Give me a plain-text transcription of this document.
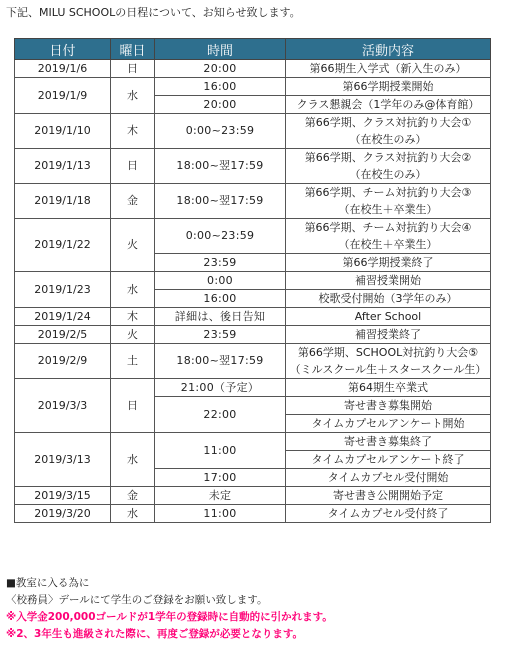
下記、MILU SCHOOLの日程について、お知らせ致します。
日付	曜日	時間	活動内容
2019/1/6	日	20:00	第66期生入学式（新入生のみ）
2019/1/9	水	16:00	第66学期授業開始
		20:00	クラス懇親会（1学年のみ@体育館）
2019/1/10	木	0:00~23:59	第66学期、クラス対抗釣り大会①
			（在校生のみ）
2019/1/13	日	18:00~翌17:59	第66学期、クラス対抗釣り大会②
			（在校生のみ）
2019/1/18	金	18:00~翌17:59	第66学期、チーム対抗釣り大会③
			（在校生＋卒業生）
2019/1/22	火	0:00~23:59	第66学期、チーム対抗釣り大会④
			（在校生＋卒業生）
		23:59	第66学期授業終了
2019/1/23	水	0:00	補習授業開始
		16:00	校歌受付開始（3学年のみ）
2019/1/24	木	詳細は、後日告知	After School
2019/2/5	火	23:59	補習授業終了
2019/2/9	土	18:00~翌17:59	第66学期、SCHOOL対抗釣り大会⑤
			（ミルスクール生＋スタースクール生）
2019/3/3	日	21:00（予定）	第64期生卒業式
		22:00	寄せ書き募集開始
			タイムカプセルアンケート開始
2019/3/13	水	11:00	寄せ書き募集終了
			タイムカプセルアンケート終了
		17:00	タイムカプセル受付開始
2019/3/15	金	未定	寄せ書き公開開始予定
2019/3/20	水	11:00	タイムカプセル受付終了
■教室に入る為に
〈校務員〉デールにて学生のご登録をお願い致します。
※入学金200,000ゴールドが1学年の登録時に自動的に引かれます。
※2、3年生も進級された際に、再度ご登録が必要となります。
